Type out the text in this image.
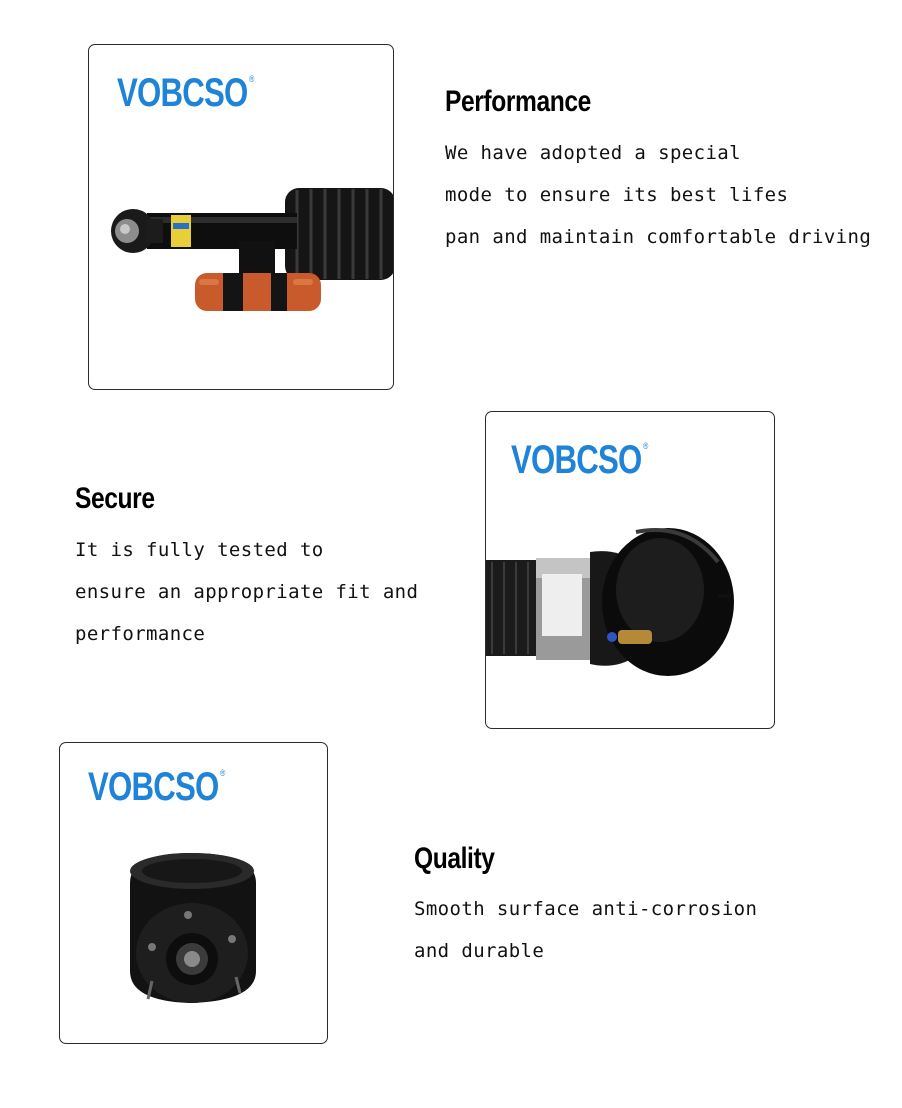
VOBCSO ®
Performance
We have adopted a special
mode to ensure its best lifes
pan and maintain comfortable driving
VOBCSO ®
Secure
It is fully tested to
ensure an appropriate fit and
performance
VOBCSO ®
Quality
Smooth surface anti-corrosion
and durable
